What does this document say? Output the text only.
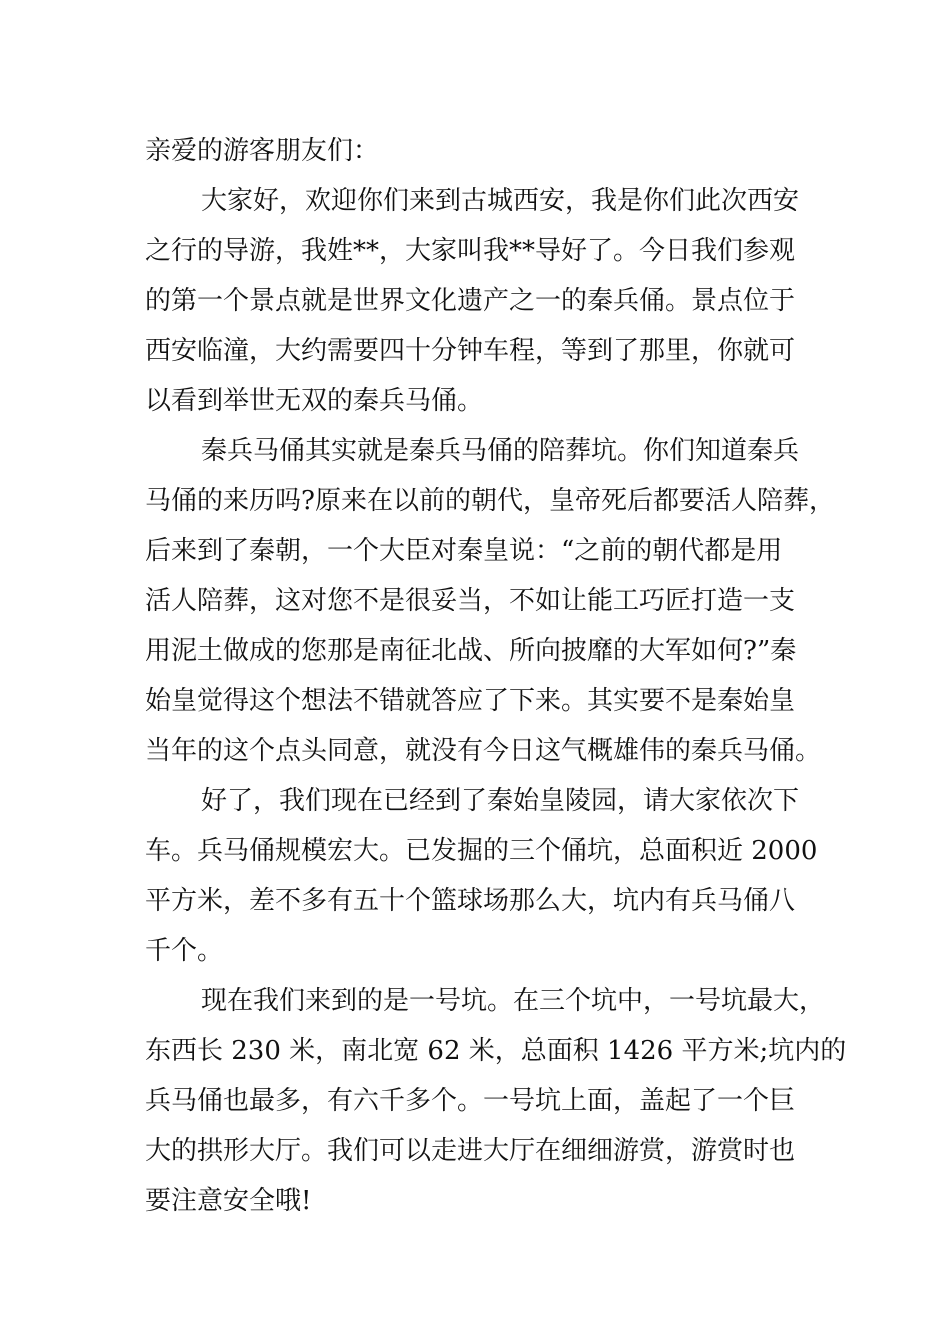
亲爱的游客朋友们：
大家好，欢迎你们来到古城西安，我是你们此次西安
之行的导游，我姓**，大家叫我**导好了。今日我们参观
的第一个景点就是世界文化遗产之一的秦兵俑。景点位于
西安临潼，大约需要四十分钟车程，等到了那里，你就可
以看到举世无双的秦兵马俑。
秦兵马俑其实就是秦兵马俑的陪葬坑。你们知道秦兵
马俑的来历吗?原来在以前的朝代，皇帝死后都要活人陪葬，
后来到了秦朝，一个大臣对秦皇说：“之前的朝代都是用
活人陪葬，这对您不是很妥当，不如让能工巧匠打造一支
用泥土做成的您那是南征北战、所向披靡的大军如何?”秦
始皇觉得这个想法不错就答应了下来。其实要不是秦始皇
当年的这个点头同意，就没有今日这气概雄伟的秦兵马俑。
好了，我们现在已经到了秦始皇陵园，请大家依次下
车。兵马俑规模宏大。已发掘的三个俑坑，总面积近 2000
平方米，差不多有五十个篮球场那么大，坑内有兵马俑八
千个。
现在我们来到的是一号坑。在三个坑中，一号坑最大，
东西长 230 米，南北宽 62 米，总面积 1426 平方米;坑内的
兵马俑也最多，有六千多个。一号坑上面，盖起了一个巨
大的拱形大厅。我们可以走进大厅在细细游赏，游赏时也
要注意安全哦!
